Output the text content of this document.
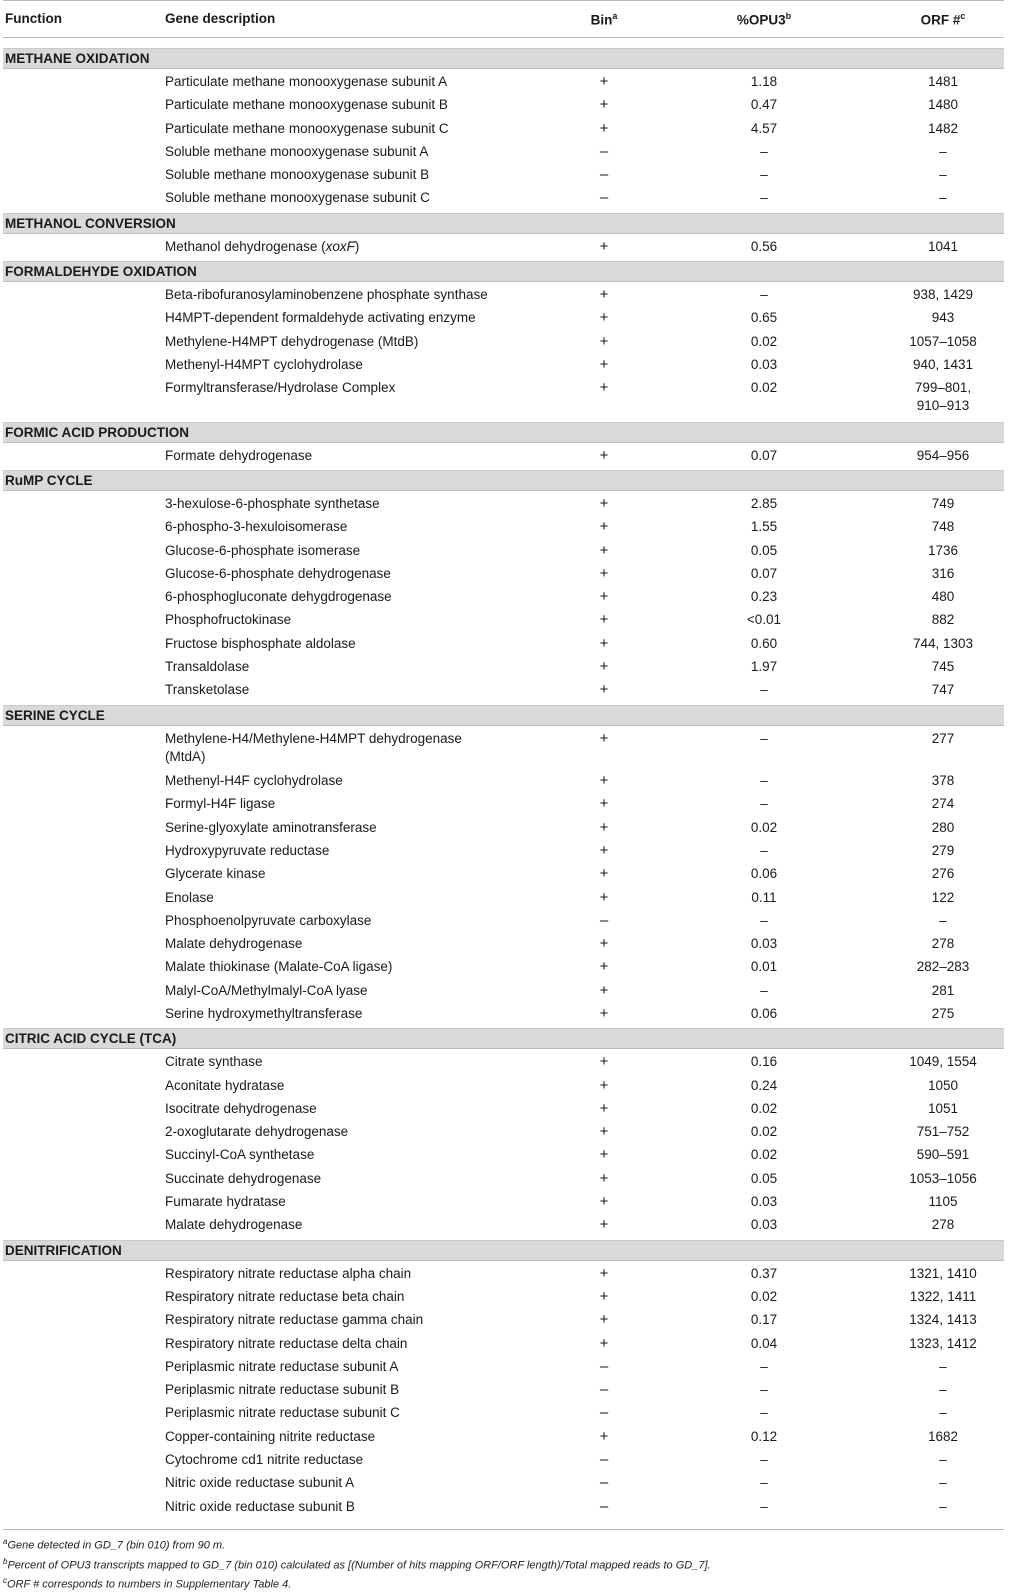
Function	Gene description	Bin$^a$	%OPU3$^b$	ORF #$^c$
METHANE OXIDATION
Particulate methane monooxygenase subunit A	+	1.18	1481
Particulate methane monooxygenase subunit B	+	0.47	1480
Particulate methane monooxygenase subunit C	+	4.57	1482
Soluble methane monooxygenase subunit A	–	–	–
Soluble methane monooxygenase subunit B	–	–	–
Soluble methane monooxygenase subunit C	–	–	–
METHANOL CONVERSION
Methanol dehydrogenase (xoxF)	+	0.56	1041
FORMALDEHYDE OXIDATION
Beta-ribofuranosylaminobenzene phosphate synthase	+	–	938, 1429
H4MPT-dependent formaldehyde activating enzyme	+	0.65	943
Methylene-H4MPT dehydrogenase (MtdB)	+	0.02	1057–1058
Methenyl-H4MPT cyclohydrolase	+	0.03	940, 1431
Formyltransferase/Hydrolase Complex	+	0.02	799–801,
910–913
FORMIC ACID PRODUCTION
Formate dehydrogenase	+	0.07	954–956
RuMP CYCLE
3-hexulose-6-phosphate synthetase	+	2.85	749
6-phospho-3-hexuloisomerase	+	1.55	748
Glucose-6-phosphate isomerase	+	0.05	1736
Glucose-6-phosphate dehydrogenase	+	0.07	316
6-phosphogluconate dehygdrogenase	+	0.23	480
Phosphofructokinase	+	<0.01	882
Fructose bisphosphate aldolase	+	0.60	744, 1303
Transaldolase	+	1.97	745
Transketolase	+	–	747
SERINE CYCLE
Methylene-H4/Methylene-H4MPT dehydrogenase
(MtdA)
+	–	277
Methenyl-H4F cyclohydrolase	+	–	378
Formyl-H4F ligase	+	–	274
Serine-glyoxylate aminotransferase	+	0.02	280
Hydroxypyruvate reductase	+	–	279
Glycerate kinase	+	0.06	276
Enolase	+	0.11	122
Phosphoenolpyruvate carboxylase	–	–	–
Malate dehydrogenase	+	0.03	278
Malate thiokinase (Malate-CoA ligase)	+	0.01	282–283
Malyl-CoA/Methylmalyl-CoA lyase	+	–	281
Serine hydroxymethyltransferase	+	0.06	275
CITRIC ACID CYCLE (TCA)
Citrate synthase	+	0.16	1049, 1554
Aconitate hydratase	+	0.24	1050
Isocitrate dehydrogenase	+	0.02	1051
2-oxoglutarate dehydrogenase	+	0.02	751–752
Succinyl-CoA synthetase	+	0.02	590–591
Succinate dehydrogenase	+	0.05	1053–1056
Fumarate hydratase	+	0.03	1105
Malate dehydrogenase	+	0.03	278
DENITRIFICATION
Respiratory nitrate reductase alpha chain	+	0.37	1321, 1410
Respiratory nitrate reductase beta chain	+	0.02	1322, 1411
Respiratory nitrate reductase gamma chain	+	0.17	1324, 1413
Respiratory nitrate reductase delta chain	+	0.04	1323, 1412
Periplasmic nitrate reductase subunit A	–	–	–
Periplasmic nitrate reductase subunit B	–	–	–
Periplasmic nitrate reductase subunit C	–	–	–
Copper-containing nitrite reductase	+	0.12	1682
Cytochrome cd1 nitrite reductase	–	–	–
Nitric oxide reductase subunit A	–	–	–
Nitric oxide reductase subunit B	–	–	–
$^a$Gene detected in GD_7 (bin 010) from 90 m.
$^b$Percent of OPU3 transcripts mapped to GD_7 (bin 010) calculated as [(Number of hits mapping ORF/ORF length)/Total mapped reads to GD_7].
$^c$ORF # corresponds to numbers in Supplementary Table 4.
